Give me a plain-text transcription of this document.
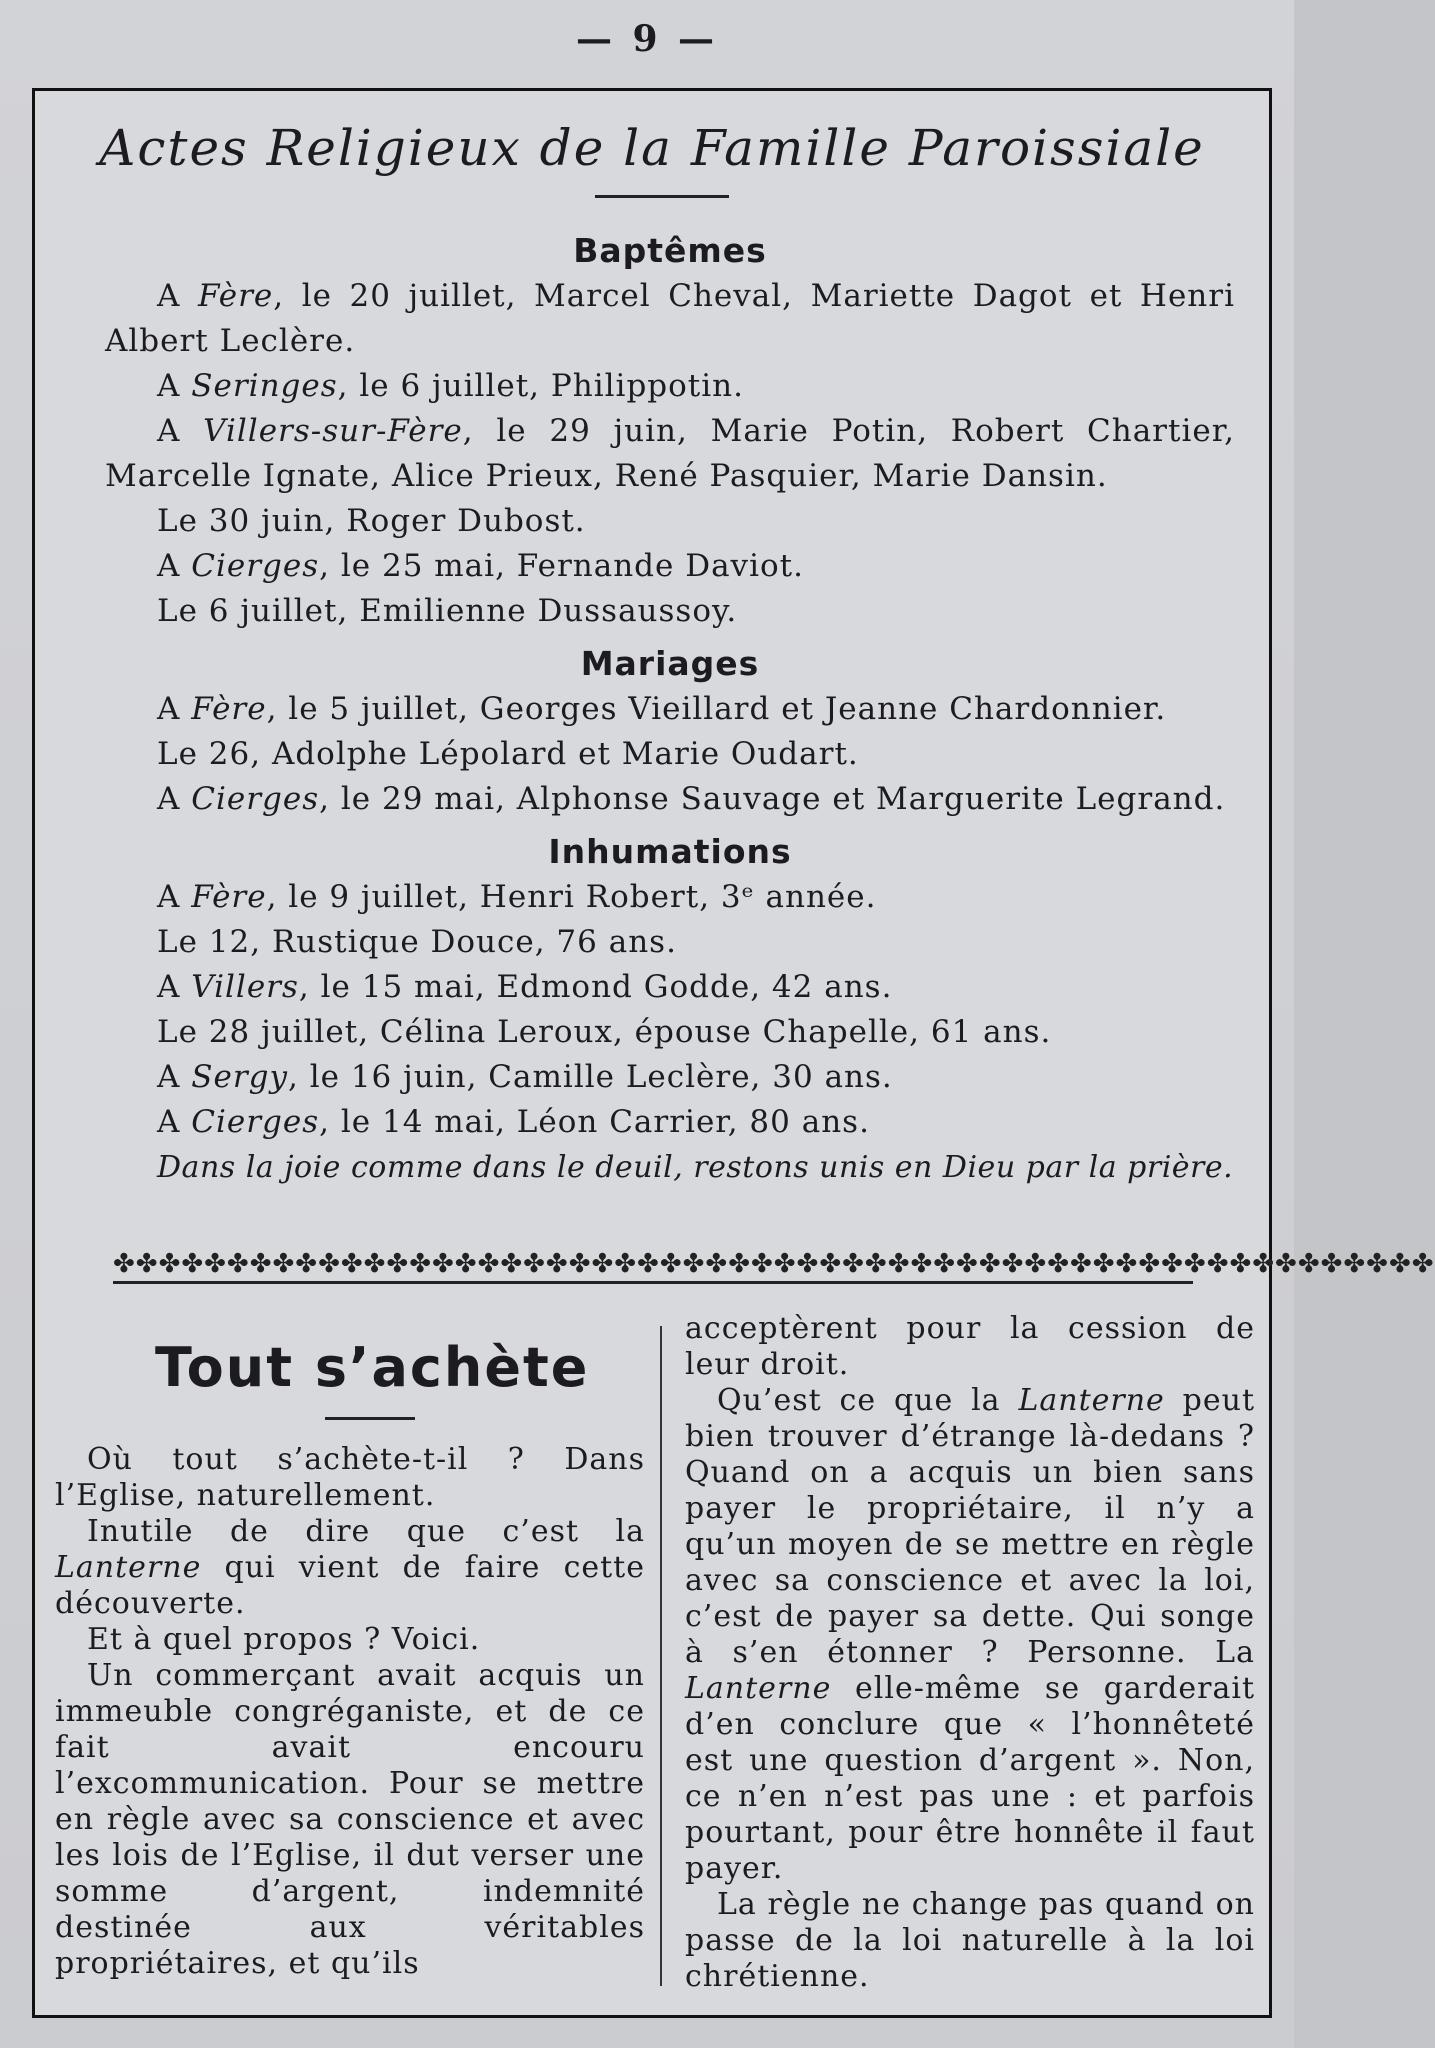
— 9 —
Actes Religieux de la Famille Paroissiale
Baptêmes

A Fère, le 20 juillet, Marcel Cheval, Mariette Dagot et Henri Albert Leclère.

A Seringes, le 6 juillet, Philippotin.

A Villers-sur-Fère, le 29 juin, Marie Potin, Robert Chartier, Marcelle Ignate, Alice Prieux, René Pasquier, Marie Dansin.

Le 30 juin, Roger Dubost.

A Cierges, le 25 mai, Fernande Daviot.

Le 6 juillet, Emilienne Dussaussoy.

Mariages

A Fère, le 5 juillet, Georges Vieillard et Jeanne Chardonnier.

Le 26, Adolphe Lépolard et Marie Oudart.

A Cierges, le 29 mai, Alphonse Sauvage et Marguerite Legrand.

Inhumations

A Fère, le 9 juillet, Henri Robert, 3ᵉ année.

Le 12, Rustique Douce, 76 ans.

A Villers, le 15 mai, Edmond Godde, 42 ans.

Le 28 juillet, Célina Leroux, épouse Chapelle, 61 ans.

A Sergy, le 16 juin, Camille Leclère, 30 ans.

A Cierges, le 14 mai, Léon Carrier, 80 ans.

Dans la joie comme dans le deuil, restons unis en Dieu par la prière.

✤✤✤✤✤✤✤✤✤✤✤✤✤✤✤✤✤✤✤✤✤✤✤✤✤✤✤✤✤✤✤✤✤✤✤✤✤✤✤✤✤✤✤✤✤✤✤✤✤✤✤✤✤✤✤✤✤✤
Tout s’achète

Où tout s’achète-t-il ? Dans l’Eglise, naturellement.

Inutile de dire que c’est la Lanterne qui vient de faire cette découverte.

Et à quel propos ? Voici.

Un commerçant avait acquis un immeuble congréganiste, et de ce fait avait encouru l’excommunication. Pour se mettre en règle avec sa conscience et avec les lois de l’Eglise, il dut verser une somme d’argent, indemnité destinée aux véritables propriétaires, et qu’ils

acceptèrent pour la cession de leur droit.

Qu’est ce que la Lanterne peut bien trouver d’étrange là-dedans ? Quand on a acquis un bien sans payer le propriétaire, il n’y a qu’un moyen de se mettre en règle avec sa conscience et avec la loi, c’est de payer sa dette. Qui songe à s’en étonner ? Personne. La Lanterne elle-même se garderait d’en conclure que « l’honnêteté est une question d’argent ». Non, ce n’en n’est pas une : et parfois pourtant, pour être honnête il faut payer.

La règle ne change pas quand on passe de la loi naturelle à la loi chrétienne.
